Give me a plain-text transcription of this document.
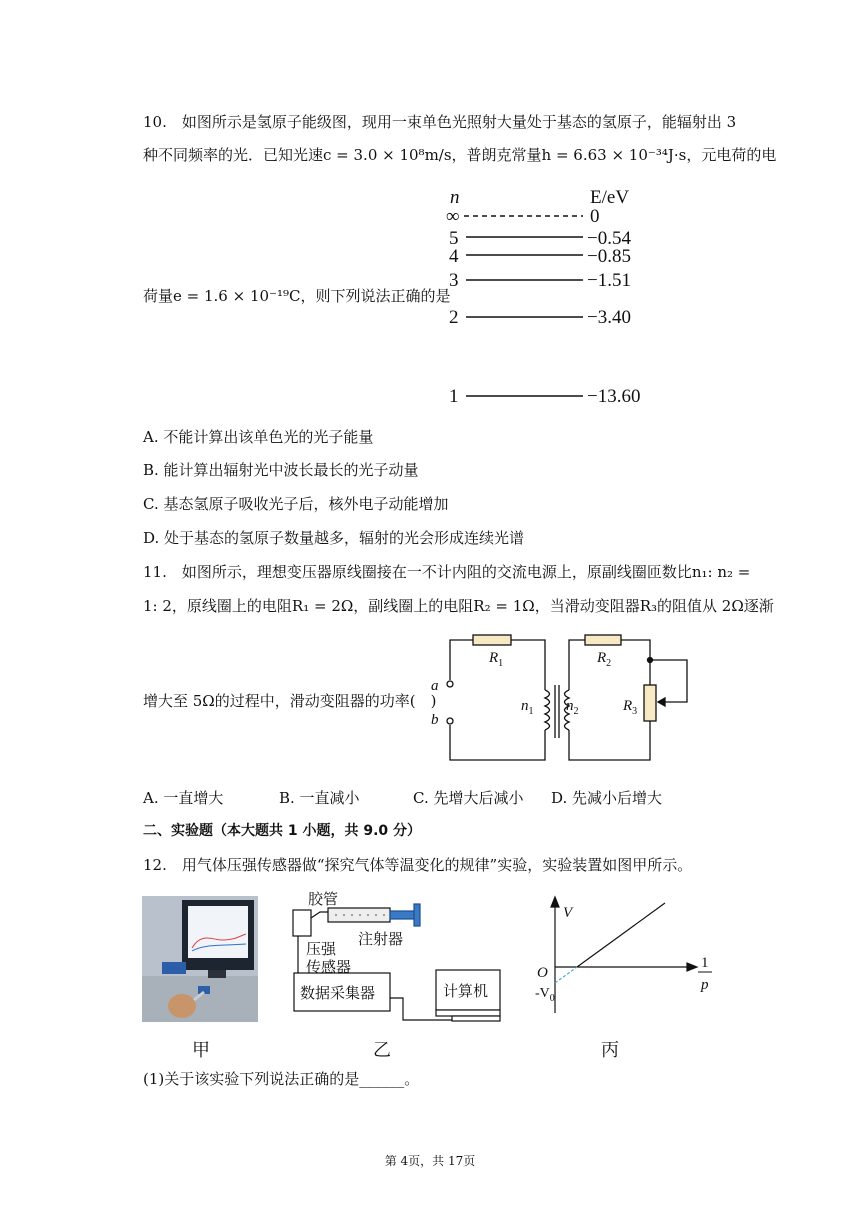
10.　如图所示是氢原子能级图，现用一束单色光照射大量处于基态的氢原子，能辐射出 3
种不同频率的光．已知光速c = 3.0 × 10⁸m/s，普朗克常量h = 6.63 × 10⁻³⁴J·s，元电荷的电
荷量e = 1.6 × 10⁻¹⁹C，则下列说法正确的是
n	E/eV
∞	0
5	−0.54
4	−0.85
3	−1.51
2	−3.40
1	−13.60
A. 不能计算出该单色光的光子能量
B. 能计算出辐射光中波长最长的光子动量
C. 基态氢原子吸收光子后，核外电子动能增加
D. 处于基态的氢原子数量越多，辐射的光会形成连续光谱
11.　如图所示，理想变压器原线圈接在一不计内阻的交流电源上，原副线圈匝数比n₁: n₂ =
1: 2，原线圈上的电阻R₁ = 2Ω，副线圈上的电阻R₂ = 1Ω，当滑动变阻器R₃的阻值从 2Ω逐渐
增大至 5Ω的过程中，滑动变阻器的功率(　)
a
b
$R_1$	$R_2$
$R_3$
$n_1$ $n_2$
A. 一直增大	B. 一直减小	C. 先增大后减小 D. 先减小后增大
二、实验题（本大题共 1 小题，共 9.0 分）
12.　用气体压强传感器做“探究气体等温变化的规律”实验，实验装置如图甲所示。
胶管
注射器
压强
传感器
数据采集器	计算机
V
O
$-V_0$
1
p
甲	乙	丙
(1)关于该实验下列说法正确的是______。
第 4页，共 17页
